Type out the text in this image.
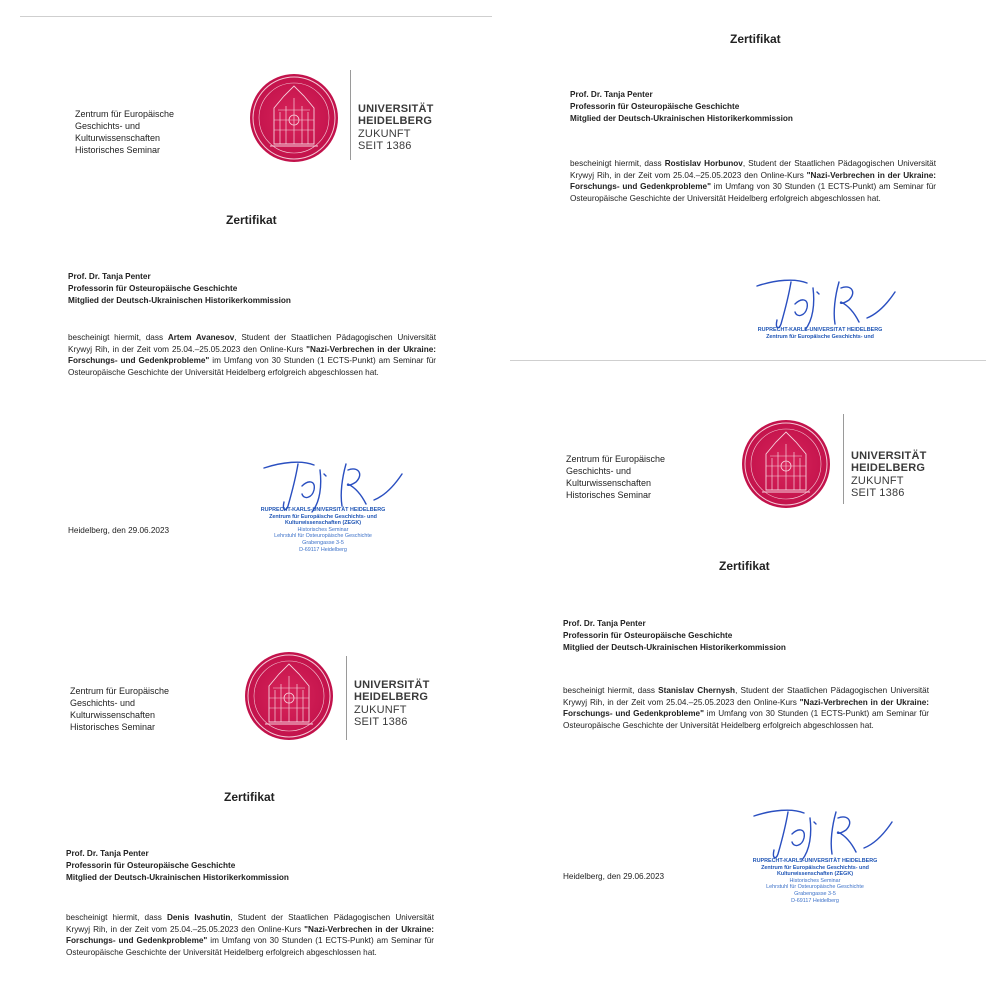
Zentrum für Europäische
Geschichts- und
Kulturwissenschaften
Historisches Seminar
UNIVERSITÄT
HEIDELBERG
ZUKUNFT
SEIT 1386
Zertifikat
Prof. Dr. Tanja Penter
Professorin für Osteuropäische Geschichte
Mitglied der Deutsch-Ukrainischen Historikerkommission
bescheinigt hiermit, dass Artem Avanesov, Student der Staatlichen Pädagogischen Universität Krywyj Rih, in der Zeit vom 25.04.–25.05.2023 den Online-Kurs "Nazi-Verbrechen in der Ukraine: Forschungs- und Gedenkprobleme" im Umfang von 30 Stunden (1 ECTS-Punkt) am Seminar für Osteuropäische Geschichte der Universität Heidelberg erfolgreich abgeschlossen hat.
RUPRECHT-KARLS-UNIVERSITÄT HEIDELBERG
Zentrum für Europäische Geschichts- und
Kulturwissenschaften (ZEGK)
Historisches Seminar
Lehrstuhl für Osteuropäische Geschichte
Grabengasse 3-5
D-69117 Heidelberg
Heidelberg, den 29.06.2023
Zertifikat
Prof. Dr. Tanja Penter
Professorin für Osteuropäische Geschichte
Mitglied der Deutsch-Ukrainischen Historikerkommission
bescheinigt hiermit, dass Rostislav Horbunov, Student der Staatlichen Pädagogischen Universität Krywyj Rih, in der Zeit vom 25.04.–25.05.2023 den Online-Kurs "Nazi-Verbrechen in der Ukraine: Forschungs- und Gedenkprobleme" im Umfang von 30 Stunden (1 ECTS-Punkt) am Seminar für Osteuropäische Geschichte der Universität Heidelberg erfolgreich abgeschlossen hat.
RUPRECHT-KARLS-UNIVERSITÄT HEIDELBERG
Zentrum für Europäische Geschichts- und
Zentrum für Europäische
Geschichts- und
Kulturwissenschaften
Historisches Seminar
UNIVERSITÄT
HEIDELBERG
ZUKUNFT
SEIT 1386
Zertifikat
Prof. Dr. Tanja Penter
Professorin für Osteuropäische Geschichte
Mitglied der Deutsch-Ukrainischen Historikerkommission
bescheinigt hiermit, dass Denis Ivashutin, Student der Staatlichen Pädagogischen Universität Krywyj Rih, in der Zeit vom 25.04.–25.05.2023 den Online-Kurs "Nazi-Verbrechen in der Ukraine: Forschungs- und Gedenkprobleme" im Umfang von 30 Stunden (1 ECTS-Punkt) am Seminar für Osteuropäische Geschichte der Universität Heidelberg erfolgreich abgeschlossen hat.
Zentrum für Europäische
Geschichts- und
Kulturwissenschaften
Historisches Seminar
UNIVERSITÄT
HEIDELBERG
ZUKUNFT
SEIT 1386
Zertifikat
Prof. Dr. Tanja Penter
Professorin für Osteuropäische Geschichte
Mitglied der Deutsch-Ukrainischen Historikerkommission
bescheinigt hiermit, dass Stanislav Chernysh, Student der Staatlichen Pädagogischen Universität Krywyj Rih, in der Zeit vom 25.04.–25.05.2023 den Online-Kurs "Nazi-Verbrechen in der Ukraine: Forschungs- und Gedenkprobleme" im Umfang von 30 Stunden (1 ECTS-Punkt) am Seminar für Osteuropäische Geschichte der Universität Heidelberg erfolgreich abgeschlossen hat.
RUPRECHT-KARLS-UNIVERSITÄT HEIDELBERG
Zentrum für Europäische Geschichts- und
Kulturwissenschaften (ZEGK)
Historisches Seminar
Lehrstuhl für Osteuropäische Geschichte
Grabengasse 3-5
D-69117 Heidelberg
Heidelberg, den 29.06.2023
